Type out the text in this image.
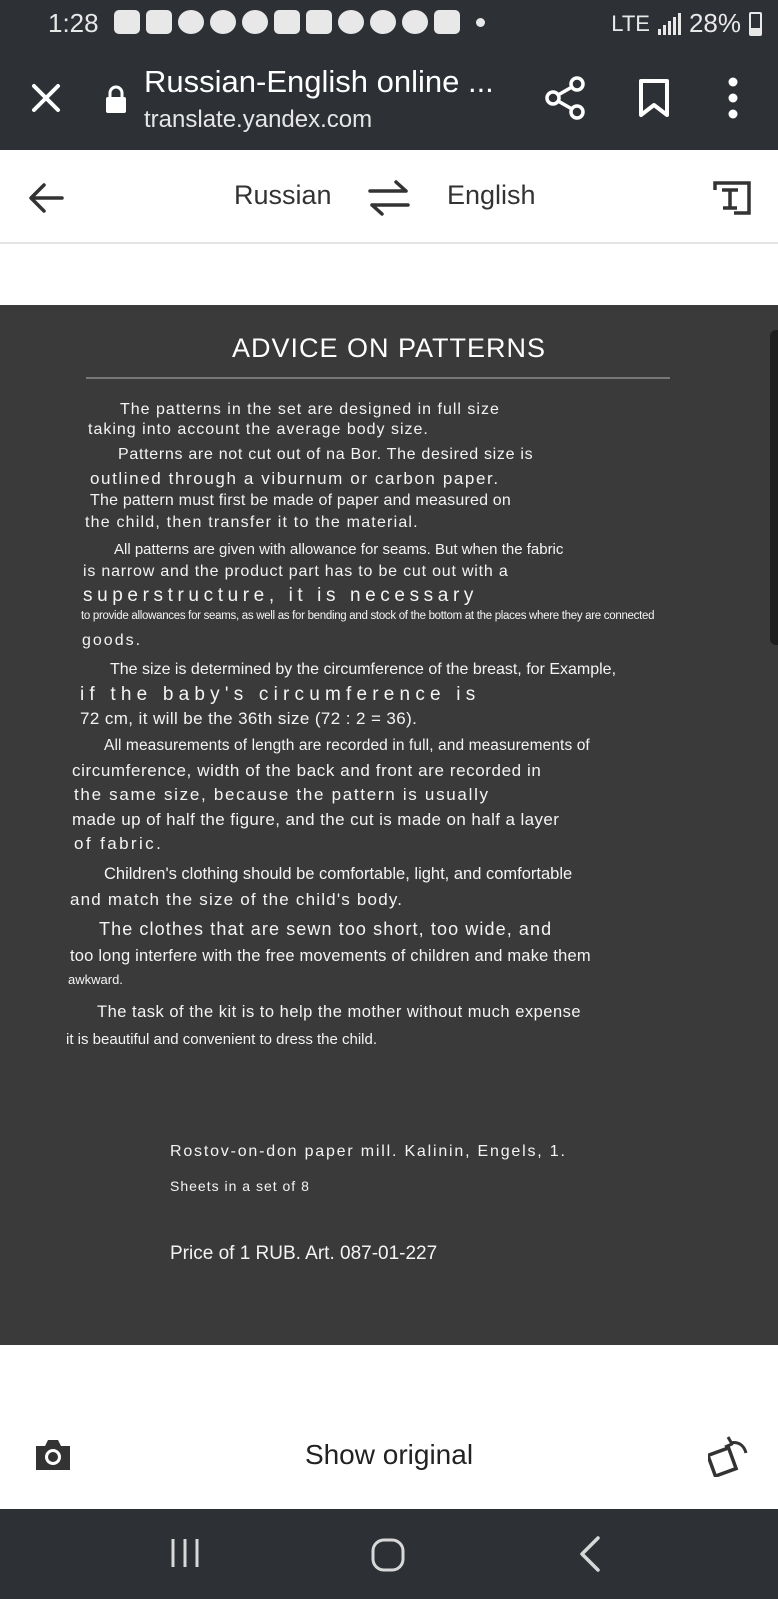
1:28	LTE 28%
Russian-English online ...
translate.yandex.com
Russian	English
ADVICE ON PATTERNS
The patterns in the set are designed in full size
taking into account the average body size.
Patterns are not cut out of na Bor. The desired size is
outlined through a viburnum or carbon paper.
The pattern must first be made of paper and measured on
the child, then transfer it to the material.
All patterns are given with allowance for seams. But when the fabric
is narrow and the product part has to be cut out with a
superstructure, it is necessary
to provide allowances for seams, as well as for bending and stock of the bottom at the places where they are connected
goods.
The size is determined by the circumference of the breast, for Example,
if the baby's circumference is
72 cm, it will be the 36th size (72 : 2 = 36).
All measurements of length are recorded in full, and measurements of
circumference, width of the back and front are recorded in
the same size, because the pattern is usually
made up of half the figure, and the cut is made on half a layer
of fabric.
Children's clothing should be comfortable, light, and comfortable
and match the size of the child's body.
The clothes that are sewn too short, too wide, and
too long interfere with the free movements of children and make them
awkward.
The task of the kit is to help the mother without much expense
it is beautiful and convenient to dress the child.
Rostov-on-don paper mill. Kalinin, Engels, 1.
Sheets in a set of 8
Price of 1 RUB. Art. 087-01-227
Show original
